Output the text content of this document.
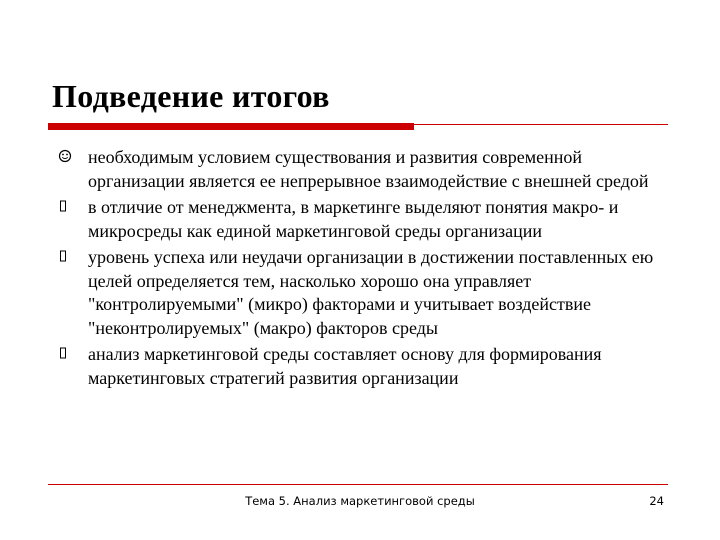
Подведение итогов
необходимым условием существования и развития современной организации является ее непрерывное взаимодействие с внешней средой
в отличие от менеджмента, в маркетинге выделяют понятия макро- и микросреды как единой маркетинговой среды организации
уровень успеха или неудачи организации в достижении поставленных ею целей определяется тем, насколько хорошо она управляет "контролируемыми" (микро) факторами и учитывает воздействие "неконтролируемых" (макро) факторов среды
анализ маркетинговой среды составляет основу для формирования маркетинговых стратегий развития организации
Тема 5. Анализ маркетинговой среды	24
